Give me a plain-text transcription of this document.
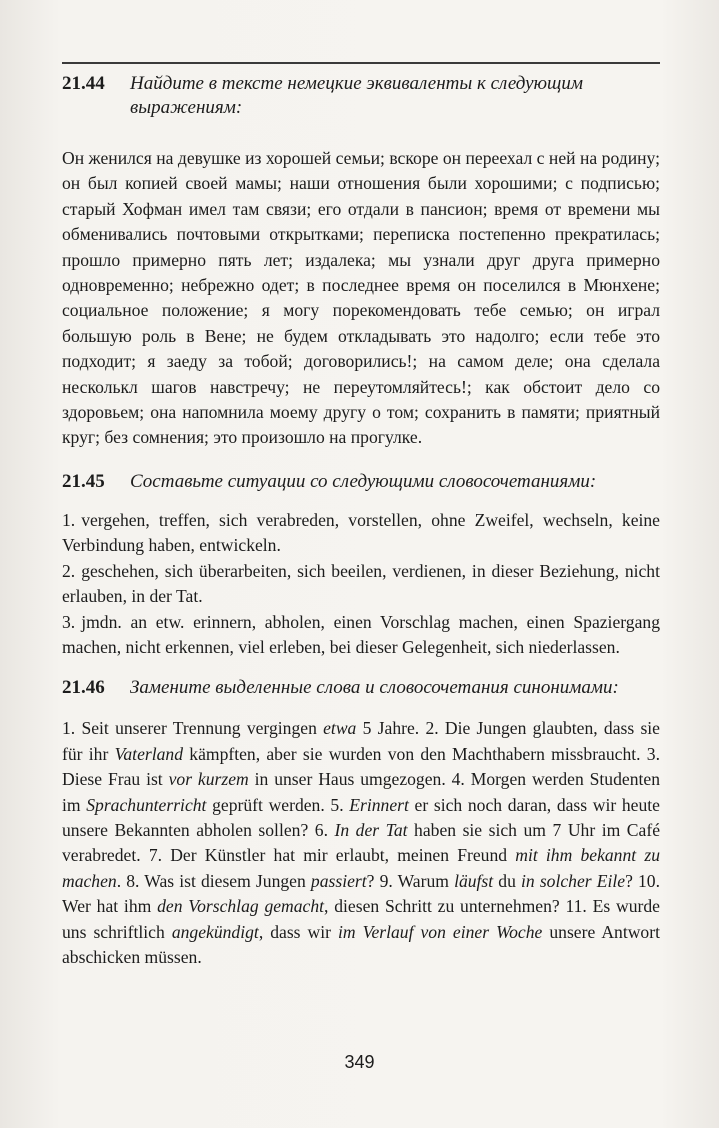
21.44	Найдите в тексте немецкие эквиваленты к следующим выражениям:

Он женился на девушке из хорошей семьи; вскоре он переехал с ней на родину; он был копией своей мамы; наши отношения были хорошими; с подписью; старый Хофман имел там связи; его отдали в пансион; время от времени мы обменивались почтовыми открытками; переписка постепенно прекратилась; прошло примерно пять лет; издалека; мы узнали друг друга примерно одновременно; небрежно одет; в последнее время он поселился в Мюнхене; социальное положение; я могу порекомендовать тебе семью; он играл большую роль в Вене; не будем откладывать это надолго; если тебе это подходит; я заеду за тобой; договорились!; на самом деле; она сделала несколькл шагов навстречу; не переутомляйтесь!; как обстоит дело со здоровьем; она напомнила моему другу о том; сохранить в памяти; приятный круг; без сомнения; это произошло на прогулке.

21.45	Составьте ситуации со следующими словосочетаниями:
1. vergehen, treffen, sich verabreden, vorstellen, ohne Zweifel, wechseln, keine Verbindung haben, entwickeln.
2. geschehen, sich überarbeiten, sich beeilen, verdienen, in dieser Beziehung, nicht erlauben, in der Tat.
3. jmdn. an etw. erinnern, abholen, einen Vorschlag machen, einen Spaziergang machen, nicht erkennen, viel erleben, bei dieser Gelegenheit, sich niederlassen.
21.46	Замените выделенные слова и словосочетания синонимами:

1. Seit unserer Trennung vergingen etwa 5 Jahre. 2. Die Jungen glaubten, dass sie für ihr Vaterland kämpften, aber sie wurden von den Machthabern missbraucht. 3. Diese Frau ist vor kurzem in unser Haus umgezogen. 4. Morgen werden Studenten im Sprachunterricht geprüft werden. 5. Erinnert er sich noch daran, dass wir heute unsere Bekannten abholen sollen? 6. In der Tat haben sie sich um 7 Uhr im Café verabredet. 7. Der Künstler hat mir erlaubt, meinen Freund mit ihm bekannt zu machen. 8. Was ist diesem Jungen passiert? 9. Warum läufst du in solcher Eile? 10. Wer hat ihm den Vorschlag gemacht, diesen Schritt zu unternehmen? 11. Es wurde uns schriftlich angekündigt, dass wir im Verlauf von einer Woche unsere Antwort abschicken müssen.

349
